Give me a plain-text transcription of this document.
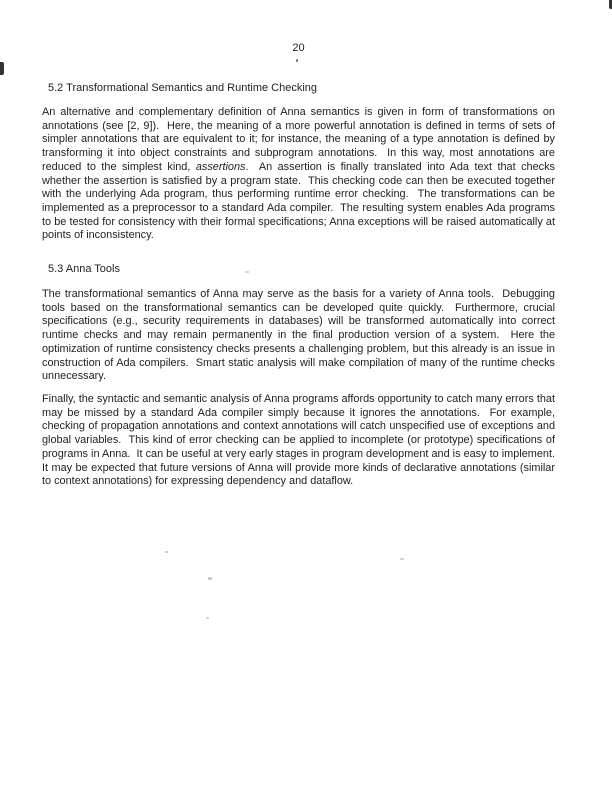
20
5.2 Transformational Semantics and Runtime Checking

An alternative and complementary definition of Anna semantics is given in form of transformations on annotations (see [2, 9]).  Here, the meaning of a more powerful annotation is defined in terms of sets of simpler annotations that are equivalent to it; for instance, the meaning of a type annotation is defined by transforming it into object constraints and subprogram annotations.  In this way, most annotations are reduced to the simplest kind, assertions.  An assertion is finally translated into Ada text that checks whether the assertion is satisfied by a program state.  This checking code can then be executed together with the underlying Ada program, thus performing runtime error checking.  The transformations can be implemented as a preprocessor to a standard Ada compiler.  The resulting system enables Ada programs to be tested for consistency with their formal specifications; Anna exceptions will be raised automatically at points of inconsistency.

5.3 Anna Tools

The transformational semantics of Anna may serve as the basis for a variety of Anna tools.  Debugging tools based on the transformational semantics can be developed quite quickly.  Furthermore, crucial specifications (e.g., security requirements in databases) will be transformed automatically into correct runtime checks and may remain permanently in the final production version of a system.  Here the optimization of runtime consistency checks presents a challenging problem, but this already is an issue in construction of Ada compilers.  Smart static analysis will make compilation of many of the runtime checks unnecessary.

Finally, the syntactic and semantic analysis of Anna programs affords opportunity to catch many errors that may be missed by a standard Ada compiler simply because it ignores the annotations.  For example, checking of propagation annotations and context annotations will catch unspecified use of exceptions and global variables.  This kind of error checking can be applied to incomplete (or prototype) specifications of programs in Anna.  It can be useful at very early stages in program development and is easy to implement.  It may be expected that future versions of Anna will provide more kinds of declarative annotations (similar to context annotations) for expressing dependency and dataflow.
